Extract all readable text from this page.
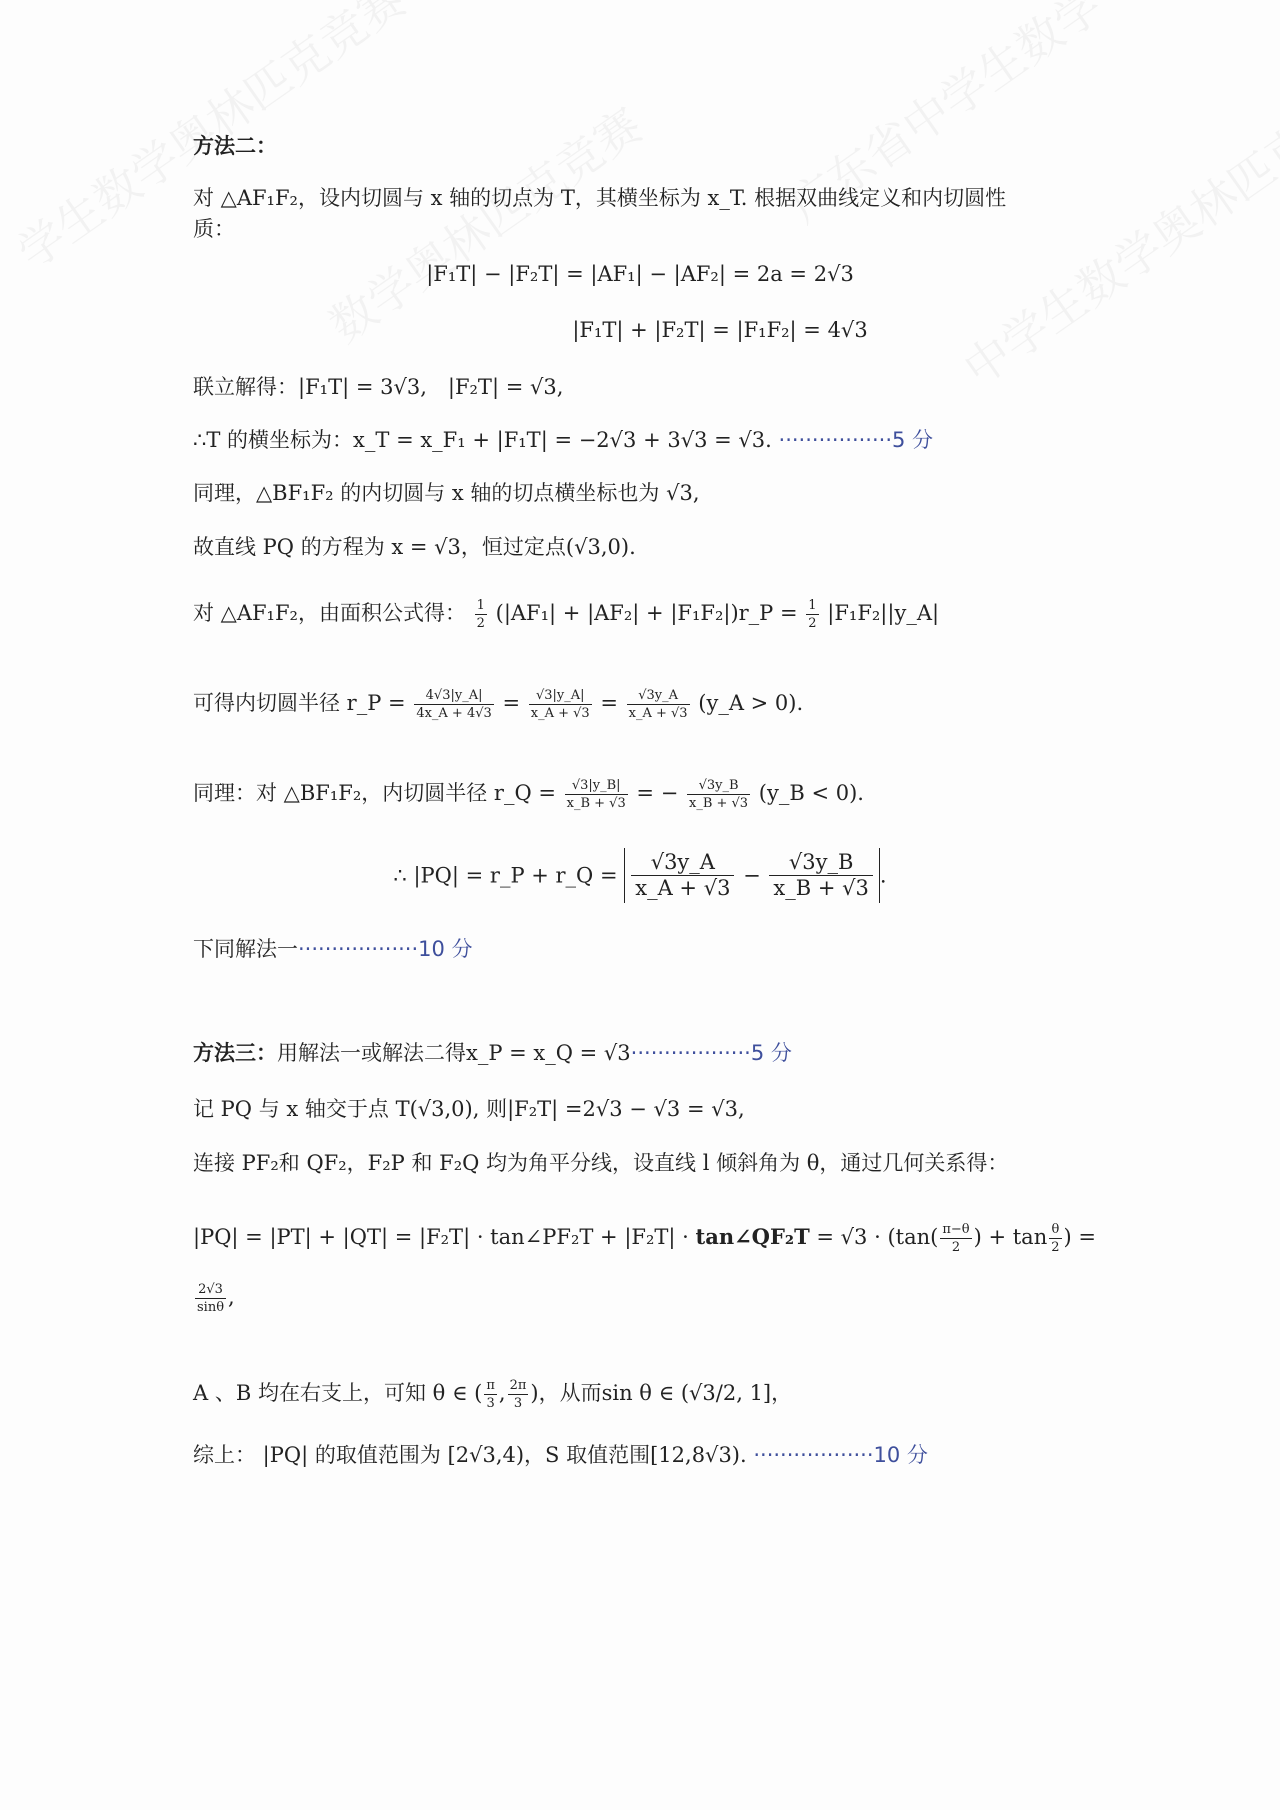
方法二：
对 △AF₁F₂，设内切圆与 x 轴的切点为 T，其横坐标为 x_T. 根据双曲线定义和内切圆性
质：
|F₁T| − |F₂T| = |AF₁| − |AF₂| = 2a = 2√3
|F₁T| + |F₂T| = |F₁F₂| = 4√3
联立解得：|F₁T| = 3√3,　|F₂T| = √3,
∴T 的横坐标为：x_T = x_F₁ + |F₁T| = −2√3 + 3√3 = √3. ·················5 分
同理，△BF₁F₂ 的内切圆与 x 轴的切点横坐标也为 √3,
故直线 PQ 的方程为 x = √3，恒过定点(√3,0).
对 △AF₁F₂，由面积公式得： $\frac{1}{2} (|AF_1| + |AF_2|$ + |F₁F₂|)r_P = $\frac{1}{2}$ |F₁F₂||y_A|
可得内切圆半径 r_P = $\frac{4√3|y\_A|}{4x\_A + 4√3} = \frac{√3|y\_A|}{x\_A + √3} = \frac{√3y\_A}{x\_A + √3}$ (y_A > 0).
同理：对 △BF₁F₂，内切圆半径 r_Q = $\frac{√3|y\_B|}{x\_B + √3}$ = − $\frac{√3y\_B}{x\_B + √3}$ (y_B < 0).
∴ |PQ| = r_P + r_Q = $\frac{√3y\_A}{x\_A + √3} - \frac{√3y\_B}{x\_B + √3}$ .
下同解法一··················10 分
方法三：用解法一或解法二得x_P = x_Q = √3··················5 分
记 PQ 与 x 轴交于点 T(√3,0), 则|F₂T| =2√3 − √3 = √3,
连接 PF₂和 QF₂，F₂P 和 F₂Q 均为角平分线，设直线 l 倾斜角为 θ，通过几何关系得：
|PQ| = |PT| + |QT| = |F₂T| · tan∠PF₂T + |F₂T| · tan∠QF₂T = $√3 \cdot (\tan( \frac{\pi-\theta}{2}$ ) + $\tan \frac{\theta}{2}$ ) =
$\frac{2√3}{\sin\theta}$ ,
A 、B 均在右支上，可知 θ ∈ ( $\frac{\pi}{3}$ , $\frac{2\pi}{3}$ )，从而sin θ ∈ (√3/2, 1]，
综上： |PQ| 的取值范围为 [2√3,4)，S 取值范围[12,8√3). ··················10 分
